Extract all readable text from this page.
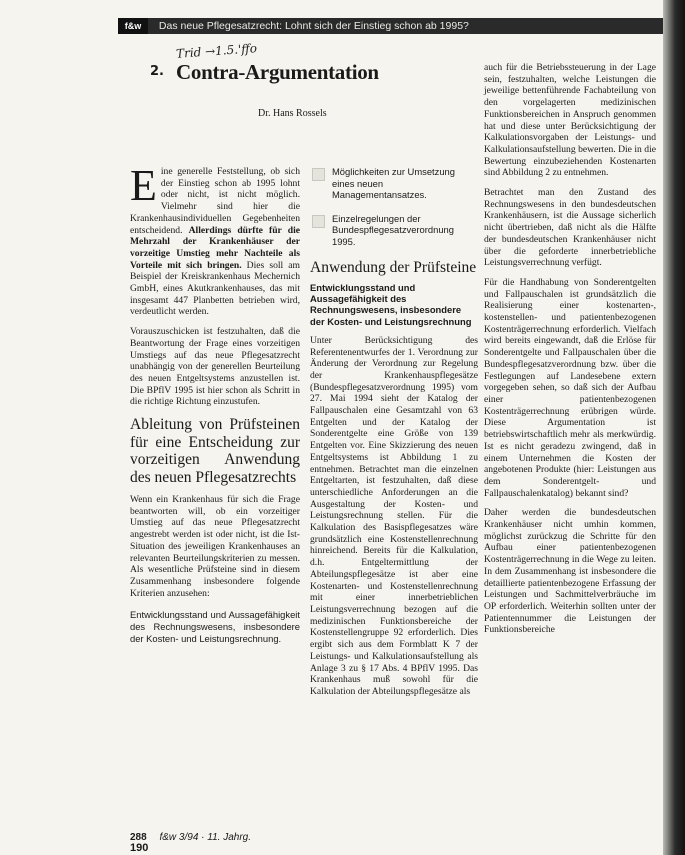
f&w Das neue Pflegesatzrecht: Lohnt sich der Einstieg schon ab 1995?
Trid →1.5.'ffo
2. Contra-Argumentation
Dr. Hans Rossels

Eine generelle Feststellung, ob sich der Einstieg schon ab 1995 lohnt oder nicht, ist nicht möglich. Vielmehr sind hier die Krankenhausindividuellen Gegebenheiten entscheidend. Allerdings dürfte für die Mehrzahl der Krankenhäuser der vorzeitige Umstieg mehr Nachteile als Vorteile mit sich bringen. Dies soll am Beispiel der Kreiskrankenhaus Mechernich GmbH, eines Akutkrankenhauses, das mit insgesamt 447 Planbetten betrieben wird, verdeutlicht werden.

Vorauszuschicken ist festzuhalten, daß die Beantwortung der Frage eines vorzeitigen Umstiegs auf das neue Pflegesatzrecht unabhängig von der generellen Beurteilung des neuen Entgeltsystems anzustellen ist. Die BPflV 1995 ist hier schon als Schritt in die richtige Richtung einzustufen.

Ableitung von Prüfsteinen für eine Entscheidung zur vorzeitigen Anwendung des neuen Pflegesatzrechts

Wenn ein Krankenhaus für sich die Frage beantworten will, ob ein vorzeitiger Umstieg auf das neue Pflegesatzrecht angestrebt werden ist oder nicht, ist die Ist-Situation des jeweiligen Krankenhauses an relevanten Beurteilungskriterien zu messen. Als wesentliche Prüfsteine sind in diesem Zusammenhang insbesondere folgende Kriterien anzusehen:

Entwicklungsstand und Aussagefähigkeit des Rechnungswesens, insbesondere der Kosten- und Leistungsrechnung.

Möglichkeiten zur Umsetzung eines neuen Managementansatzes.
Einzelregelungen der Bundespflegesatzverordnung 1995.
Anwendung der Prüfsteine
Entwicklungsstand und Aussagefähigkeit des Rechnungswesens, insbesondere der Kosten- und Leistungsrechnung

Unter Berücksichtigung des Referentenentwurfes der 1. Verordnung zur Änderung der Verordnung zur Regelung der Krankenhauspflegesätze (Bundespflegesatzverordnung 1995) vom 27. Mai 1994 sieht der Katalog der Fallpauschalen eine Gesamtzahl von 63 Entgelten und der Katalog der Sonderentgelte eine Größe von 139 Entgelten vor. Eine Skizzierung des neuen Entgeltsystems ist Abbildung 1 zu entnehmen. Betrachtet man die einzelnen Entgeltarten, ist festzuhalten, daß diese unterschiedliche Anforderungen an die Ausgestaltung der Kosten- und Leistungsrechnung stellen. Für die Kalkulation des Basispflegesatzes wäre grundsätzlich eine Kostenstellenrechnung hinreichend. Bereits für die Kalkulation, d.h. Entgeltermittlung der Abteilungspflegesätze ist aber eine Kostenarten- und Kostenstellenrechnung mit einer innerbetrieblichen Leistungsverrechnung bezogen auf die medizinischen Funktionsbereiche der Kostenstellengruppe 92 erforderlich. Dies ergibt sich aus dem Formblatt K 7 der Leistungs- und Kalkulationsaufstellung als Anlage 3 zu § 17 Abs. 4 BPflV 1995. Das Krankenhaus muß sowohl für die Kalkulation der Abteilungspflegesätze als

auch für die Betriebssteuerung in der Lage sein, festzuhalten, welche Leistungen die jeweilige bettenführende Fachabteilung von den vorgelagerten medizinischen Funktionsbereichen in Anspruch genommen hat und diese unter Berücksichtigung der Kalkulationsvorgaben der Leistungs- und Kalkulationsaufstellung bewerten. Die in die Bewertung einzubeziehenden Kostenarten sind Abbildung 2 zu entnehmen.

Betrachtet man den Zustand des Rechnungswesens in den bundesdeutschen Krankenhäusern, ist die Aussage sicherlich nicht übertrieben, daß nicht als die Hälfte der bundesdeutschen Krankenhäuser nicht über die geforderte innerbetriebliche Leistungsverrechnung verfügt.

Für die Handhabung von Sonderentgelten und Fallpauschalen ist grundsätzlich die Realisierung einer kostenarten-, kostenstellen- und patientenbezogenen Kostenträgerrechnung erforderlich. Vielfach wird bereits eingewandt, daß die Erlöse für Sonderentgelte und Fallpauschalen über die Bundespflegesatzverordnung bzw. über die Festlegungen auf Landesebene extern vorgegeben sehen, so daß sich der Aufbau einer patientenbezogenen Kostenträgerrechnung erübrigen würde. Diese Argumentation ist betriebswirtschaftlich mehr als merkwürdig. Ist es nicht geradezu zwingend, daß in einem Unternehmen die Kosten der angebotenen Produkte (hier: Leistungen aus dem Sonderentgelt- und Fallpauschalenkatalog) bekannt sind?

Daher werden die bundesdeutschen Krankenhäuser nicht umhin kommen, möglichst zurückzug die Schritte für den Aufbau einer patientenbezogenen Kostenträgerrechnung in die Wege zu leiten. In dem Zusammenhang ist insbesondere die detaillierte patientenbezogene Erfassung der Leistungen und Sachmittelverbräuche im OP erforderlich. Weiterhin sollten unter der Patientennummer die Leistungen der Funktionsbereiche

288 f&w 3/94 · 11. Jahrg.
190
